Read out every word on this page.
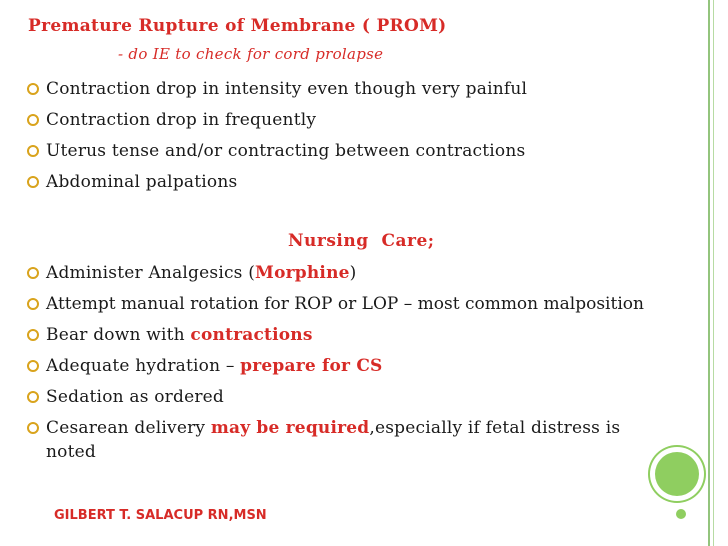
Premature Rupture of Membrane ( PROM)
- do IE to check for cord prolapse
Contraction drop in intensity even though very painful
Contraction drop in frequently
Uterus tense and/or contracting between contractions
Abdominal palpations
Nursing  Care;
Administer Analgesics (Morphine)
Attempt manual rotation for ROP or LOP – most common malposition
Bear down with contractions
Adequate hydration – prepare for CS
Sedation as ordered
Cesarean delivery may be required,especially if fetal distress is
noted
GILBERT T. SALACUP RN,MSN
